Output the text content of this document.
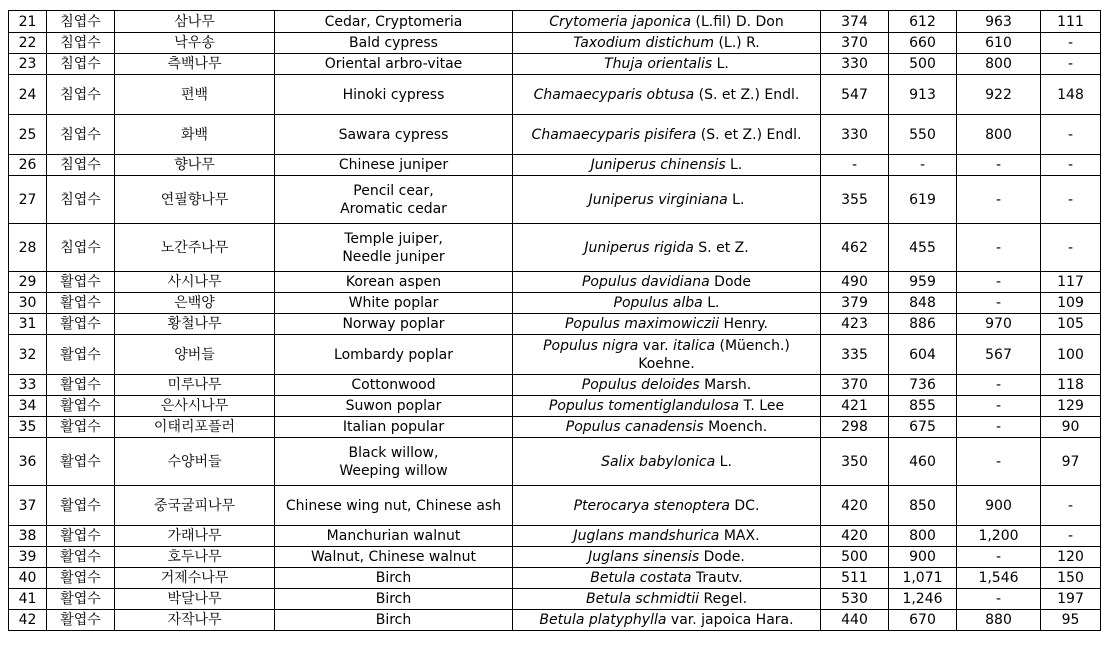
21	침엽수	삼나무	Cedar, Cryptomeria	Crytomeria japonica (L.fil) D. Don	374	612	963	111
22	침엽수	낙우송	Bald cypress	Taxodium distichum (L.) R.	370	660	610	-
23	침엽수	측백나무	Oriental arbro-vitae	Thuja orientalis L.	330	500	800	-
24	침엽수	편백	Hinoki cypress	Chamaecyparis obtusa (S. et Z.) Endl.	547	913	922	148
25	침엽수	화백	Sawara cypress	Chamaecyparis pisifera (S. et Z.) Endl.	330	550	800	-
26	침엽수	향나무	Chinese juniper	Juniperus chinensis L.	-	-	-	-
27	침엽수	연필향나무	Pencil cear,
Aromatic cedar	Juniperus virginiana L.	355	619	-	-
28	침엽수	노간주나무	Temple juiper,
Needle juniper	Juniperus rigida S. et Z.	462	455	-	-
29	활엽수	사시나무	Korean aspen	Populus davidiana Dode	490	959	-	117
30	활엽수	은백양	White poplar	Populus alba L.	379	848	-	109
31	활엽수	황철나무	Norway poplar	Populus maximowiczii Henry.	423	886	970	105
32	활엽수	양버들	Lombardy poplar	Populus nigra var. italica (Müench.) Koehne.	335	604	567	100
33	활엽수	미루나무	Cottonwood	Populus deloides Marsh.	370	736	-	118
34	활엽수	은사시나무	Suwon poplar	Populus tomentiglandulosa T. Lee	421	855	-	129
35	활엽수	이태리포플러	Italian popular	Populus canadensis Moench.	298	675	-	90
36	활엽수	수양버들	Black willow,
Weeping willow	Salix babylonica L.	350	460	-	97
37	활엽수	중국굴피나무	Chinese wing nut, Chinese ash	Pterocarya stenoptera DC.	420	850	900	-
38	활엽수	가래나무	Manchurian walnut	Juglans mandshurica MAX.	420	800	1,200	-
39	활엽수	호두나무	Walnut, Chinese walnut	Juglans sinensis Dode.	500	900	-	120
40	활엽수	거제수나무	Birch	Betula costata Trautv.	511	1,071	1,546	150
41	활엽수	박달나무	Birch	Betula schmidtii Regel.	530	1,246	-	197
42	활엽수	자작나무	Birch	Betula platyphylla var. japoica Hara.	440	670	880	95
